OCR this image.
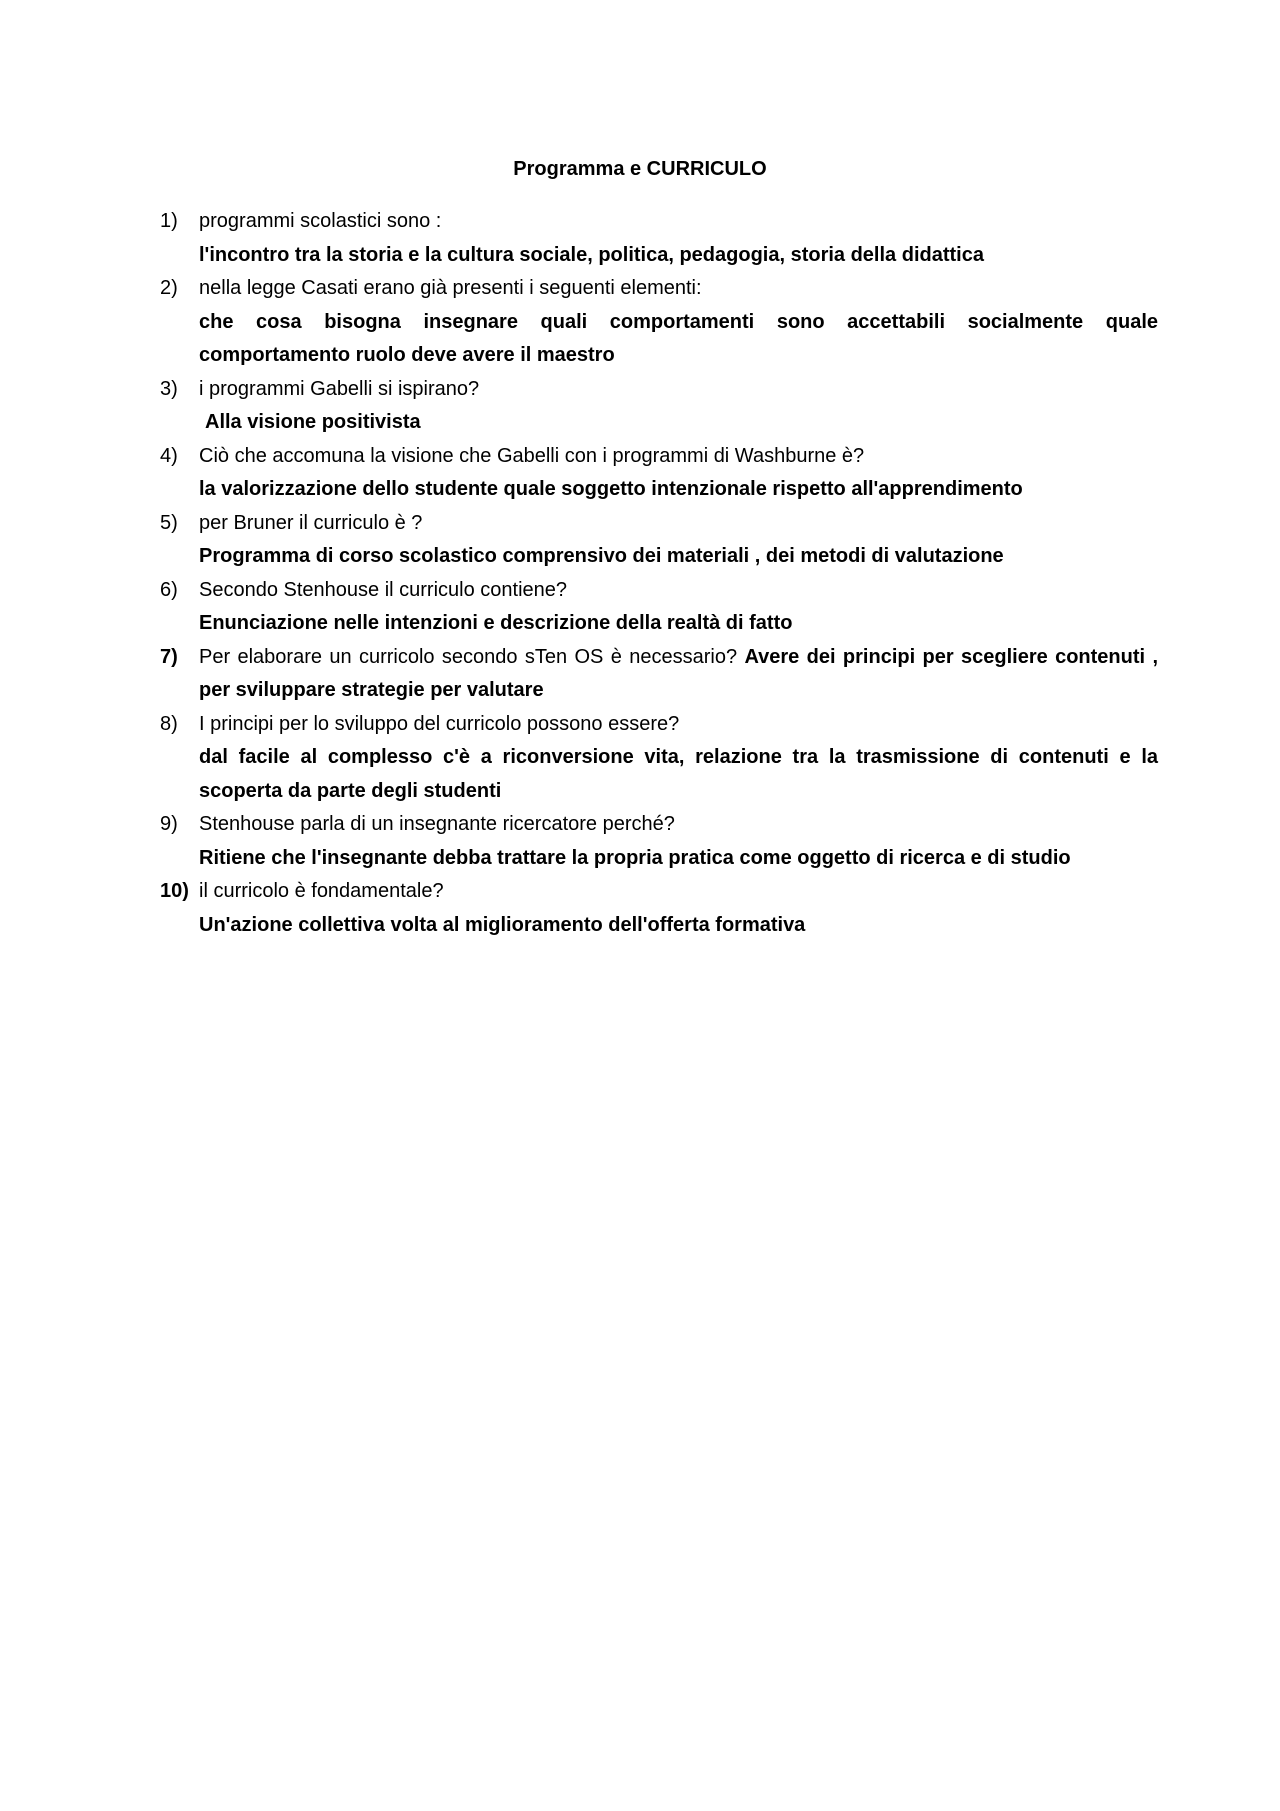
Programma e CURRICULO
1) programmi scolastici sono :

l'incontro tra la storia e la cultura sociale, politica, pedagogia, storia della didattica

2) nella legge Casati erano già presenti i seguenti elementi:

che cosa bisogna insegnare quali comportamenti sono accettabili socialmente quale comportamento ruolo deve avere il maestro

3) i programmi Gabelli si ispirano?

Alla visione positivista

4) Ciò che accomuna la visione che Gabelli con i programmi di Washburne è?

la valorizzazione dello studente quale soggetto intenzionale rispetto all'apprendimento

5) per Bruner il curriculo è ?

Programma di corso scolastico comprensivo dei materiali , dei metodi di valutazione

6) Secondo Stenhouse il curriculo contiene?

Enunciazione nelle intenzioni e descrizione della realtà di fatto

7) Per elaborare un curricolo secondo sTen OS è necessario? Avere dei principi per scegliere contenuti , per sviluppare strategie per valutare

8) I principi per lo sviluppo del curricolo possono essere?

dal facile al complesso c'è a riconversione vita, relazione tra la trasmissione di contenuti e la scoperta da parte degli studenti

9) Stenhouse parla di un insegnante ricercatore perché?

Ritiene che l'insegnante debba trattare la propria pratica come oggetto di ricerca e di studio

10) il curricolo è fondamentale?

Un'azione collettiva volta al miglioramento dell'offerta formativa
